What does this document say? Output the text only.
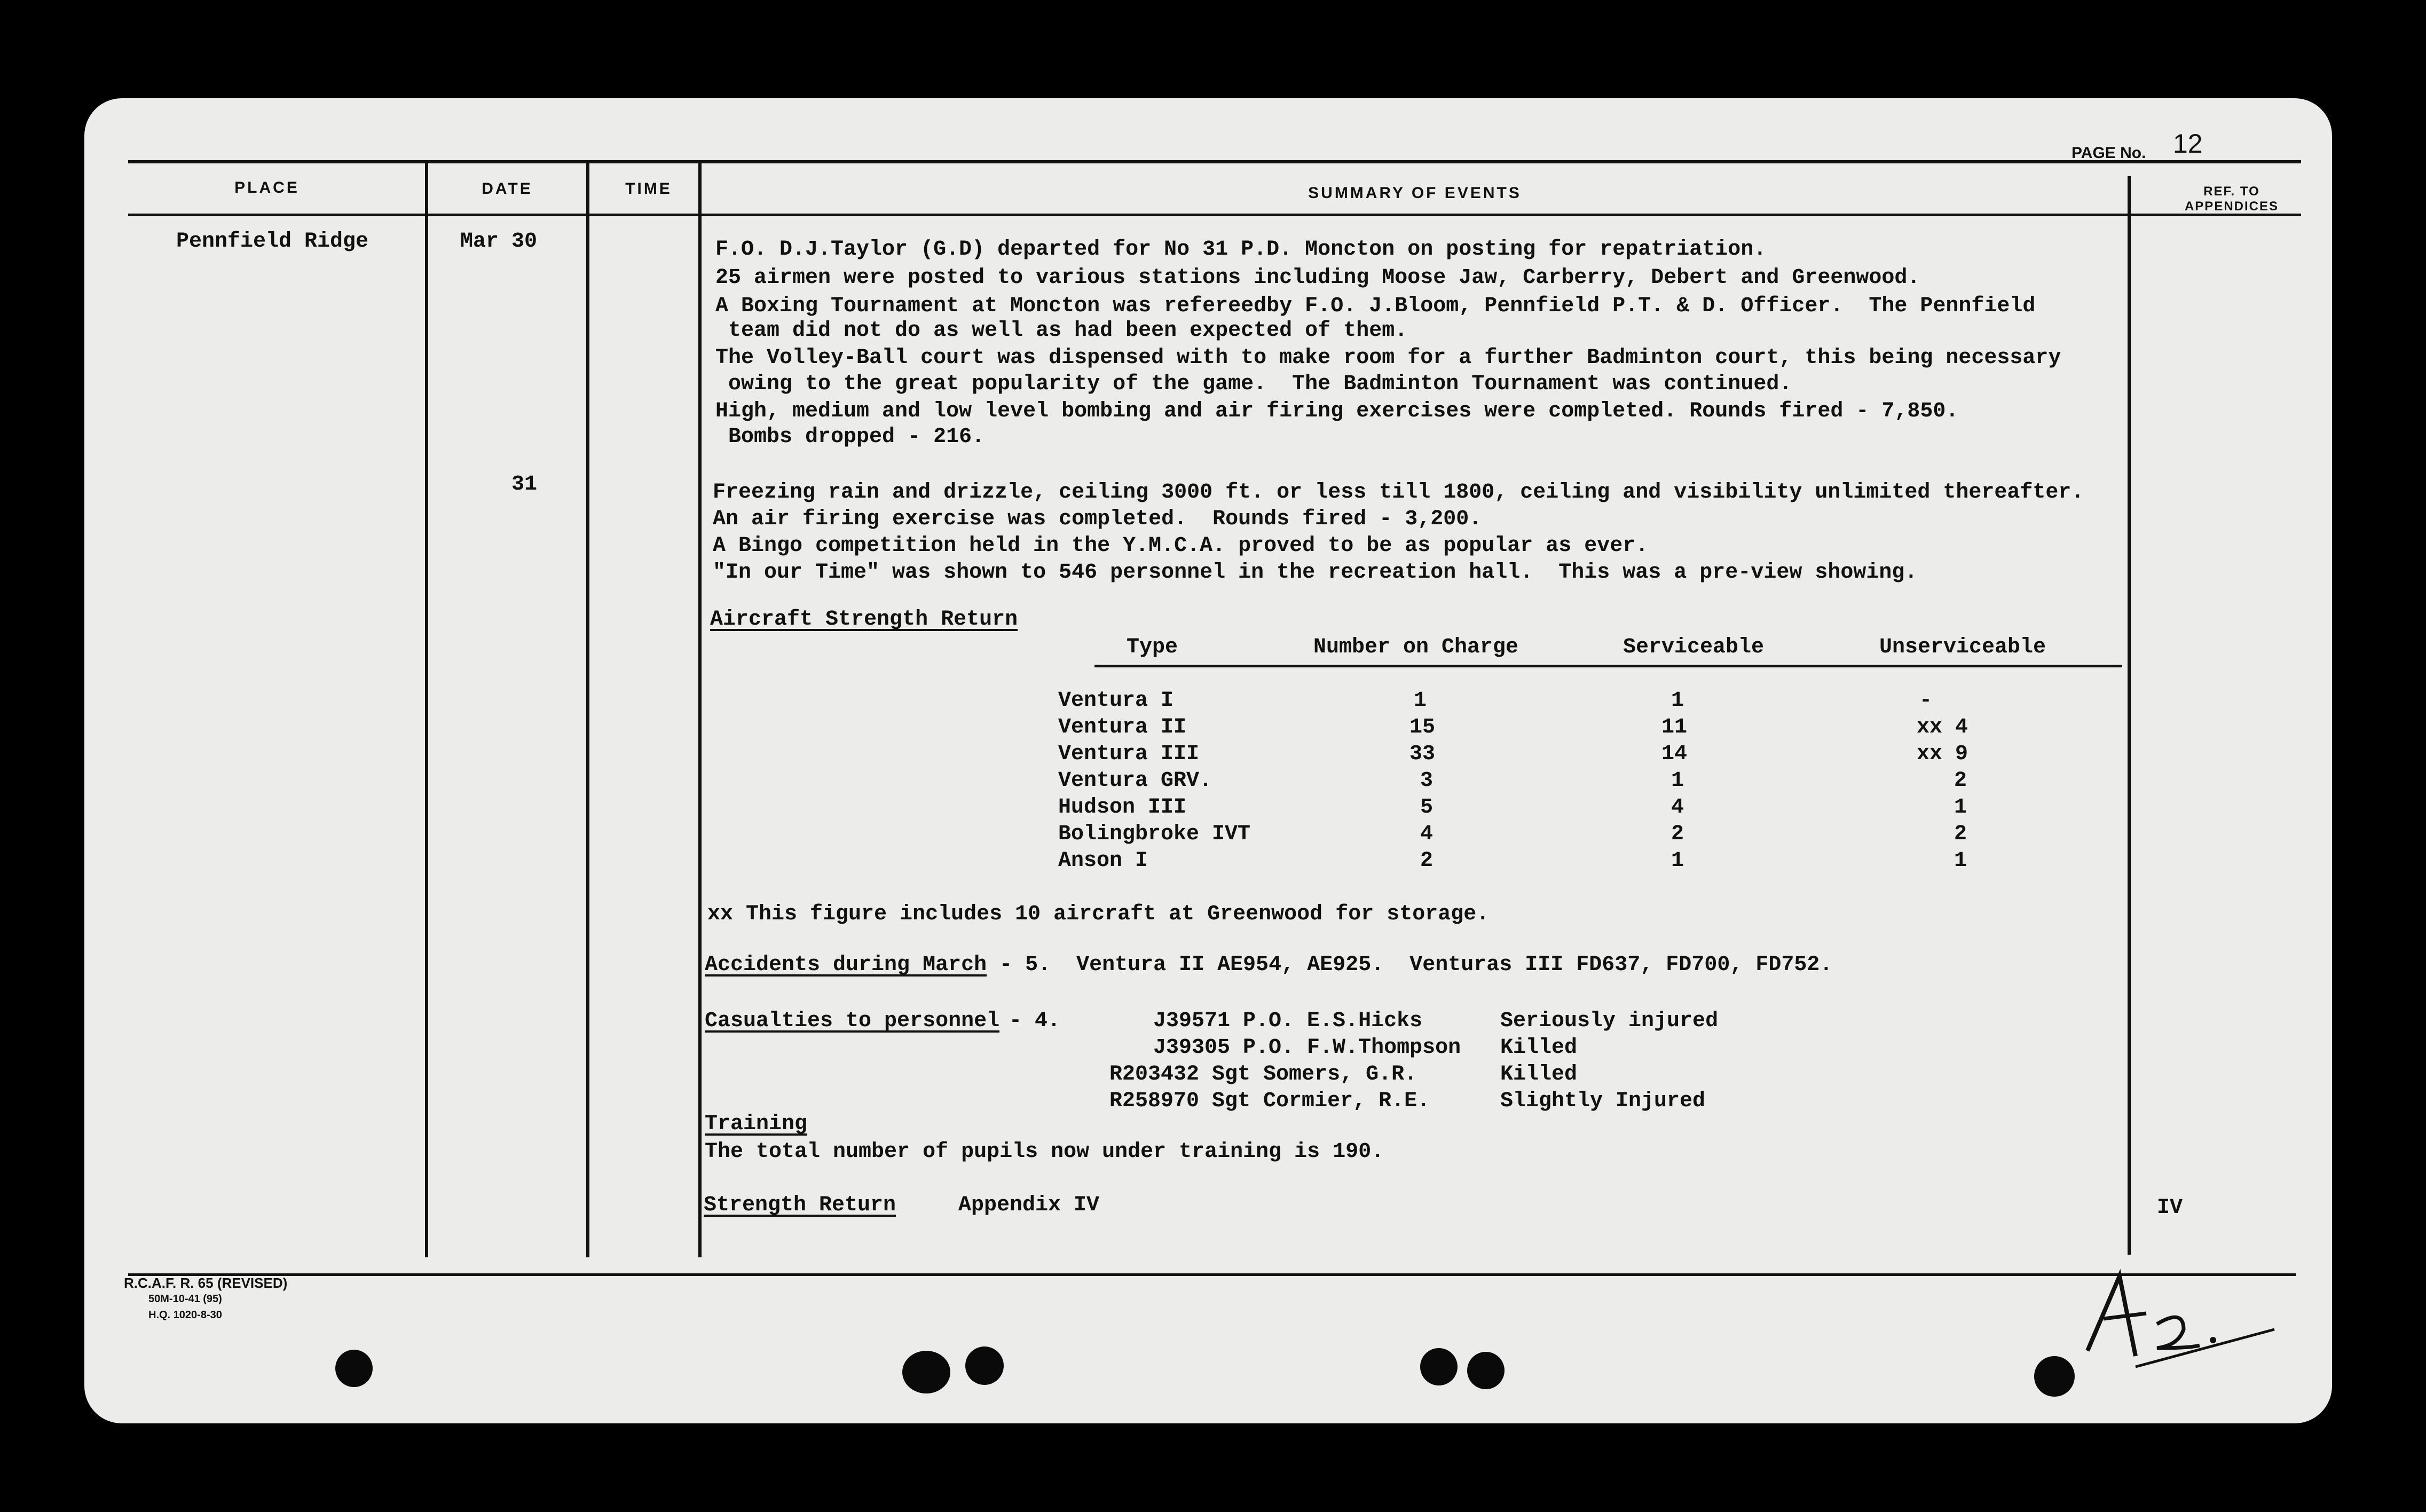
PLACE	DATE	TIME	SUMMARY OF EVENTS	REF. TO APPENDICES
PAGE No. 12
Pennfield Ridge	Mar 30
31
F.O. D.J.Taylor (G.D) departed for No 31 P.D. Moncton on posting for repatriation.
25 airmen were posted to various stations including Moose Jaw, Carberry, Debert and Greenwood.
A Boxing Tournament at Moncton was refereedby F.O. J.Bloom, Pennfield P.T. & D. Officer.  The Pennfield
team did not do as well as had been expected of them.
The Volley-Ball court was dispensed with to make room for a further Badminton court, this being necessary
owing to the great popularity of the game.  The Badminton Tournament was continued.
High, medium and low level bombing and air firing exercises were completed. Rounds fired - 7,850.
Bombs dropped - 216.
Freezing rain and drizzle, ceiling 3000 ft. or less till 1800, ceiling and visibility unlimited thereafter.
An air firing exercise was completed.  Rounds fired - 3,200.
A Bingo competition held in the Y.M.C.A. proved to be as popular as ever.
"In our Time" was shown to 546 personnel in the recreation hall.  This was a pre-view showing.
Aircraft Strength Return
Type	Number on Charge	Serviceable	Unserviceable
Ventura I	1	1	-
Ventura II	15	11	xx 4
Ventura III	33	14	xx 9
Ventura GRV.	3	1	2
Hudson III	5	4	1
Bolingbroke IVT	4	2	2
Anson I	2	1	1
xx This figure includes 10 aircraft at Greenwood for storage.
Accidents during March - 5.  Ventura II AE954, AE925.  Venturas III FD637, FD700, FD752.
Casualties to personnel - 4.	J39571 P.O. E.S.Hicks	Seriously injured
J39305 P.O. F.W.Thompson Killed
R203432 Sgt Somers, G.R.	Killed
R258970 Sgt Cormier, R.E.	Slightly Injured
Training
The total number of pupils now under training is 190.
Strength Return	Appendix IV	IV
R.C.A.F. R. 65 (REVISED)
50M-10-41 (95)
H.Q. 1020-8-30
